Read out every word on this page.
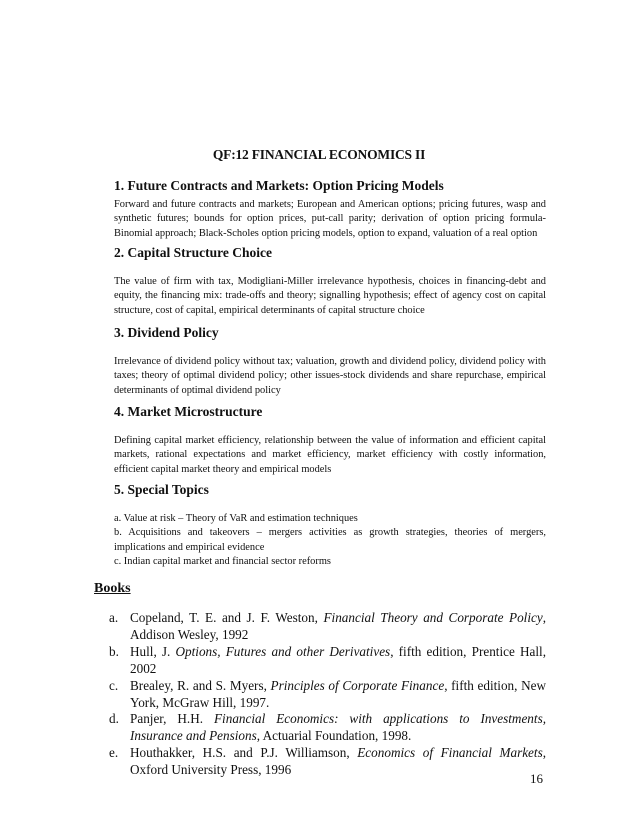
QF:12 FINANCIAL ECONOMICS II

1. Future Contracts and Markets: Option Pricing Models

Forward and future contracts and markets; European and American options; pricing futures, wasp and synthetic futures; bounds for option prices, put-call parity; derivation of option pricing formula-Binomial approach; Black-Scholes option pricing models, option to expand, valuation of a real option

2. Capital Structure Choice

The value of firm with tax, Modigliani-Miller irrelevance hypothesis, choices in financing-debt and equity, the financing mix: trade-offs and theory; signalling hypothesis; effect of agency cost on capital structure, cost of capital, empirical determinants of capital structure choice

3. Dividend Policy

Irrelevance of dividend policy without tax; valuation, growth and dividend policy, dividend policy with taxes; theory of optimal dividend policy; other issues-stock dividends and share repurchase, empirical determinants of optimal dividend policy

4. Market Microstructure

Defining capital market efficiency, relationship between the value of information and efficient capital markets, rational expectations and market efficiency, market efficiency with costly information, efficient capital market theory and empirical models

5. Special Topics

a. Value at risk – Theory of VaR and estimation techniques
b. Acquisitions and takeovers – mergers activities as growth strategies, theories of mergers, implications and empirical evidence
c. Indian capital market and financial sector reforms
Books
a. Copeland, T. E. and J. F. Weston, Financial Theory and Corporate Policy, Addison Wesley, 1992
b. Hull, J. Options, Futures and other Derivatives, fifth edition, Prentice Hall, 2002
c. Brealey, R. and S. Myers, Principles of Corporate Finance, fifth edition, New York, McGraw Hill, 1997.
d. Panjer, H.H. Financial Economics: with applications to Investments, Insurance and Pensions, Actuarial Foundation, 1998.
e. Houthakker, H.S. and P.J. Williamson, Economics of Financial Markets, Oxford University Press, 1996
16
